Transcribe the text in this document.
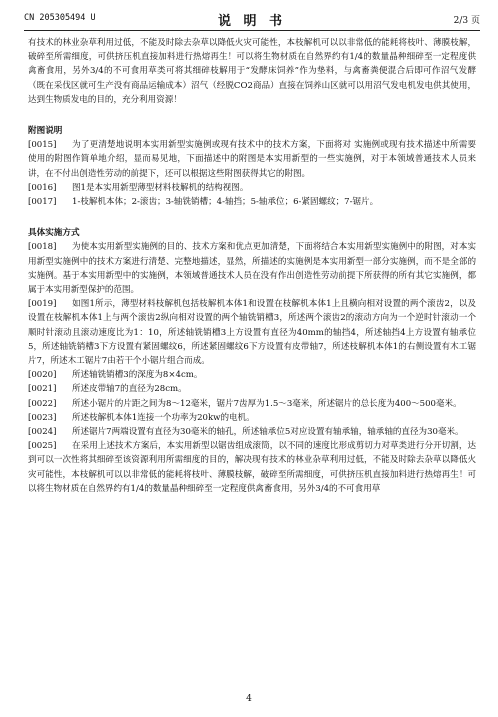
CN 205305494 U	说 明 书	2/3 页

有技术的林业杂草利用过低，不能及时除去杂草以降低火灾可能性，本枝解机可以以非常低的能耗将枝叶、薄膜枝解，破碎至所需细度，可供挤压机直接加料进行热熔再生！可以将生物材质在自然界约有1/4的数量晶种细碎至一定程度供禽畜食用，另外3/4的不可食用草类可将其细碎枝解用于“发酵床饲养”作为垫料，与禽畜粪便混合后即可作沼气发酵（既在采伐区就可生产没有商品运输成本）沼气（经脱CO2商品）直接在饲养山区就可以用沼气发电机发电供其使用，达到生物质发电的目的，充分利用资源！

附图说明

[0015] 为了更清楚地说明本实用新型实施例或现有技术中的技术方案，下面将对 实施例或现有技术描述中所需要使用的附图作简单地介绍，显而易见地，下面描述中的附图是本实用新型的一些实施例，对于本领域普通技术人员来讲，在不付出创造性劳动的前提下，还可以根据这些附图获得其它的附图。

[0016] 图1是本实用新型薄型材料枝解机的结构视图。

[0017] 1-枝解机本体；2-滚齿；3-轴铣销槽；4-轴挡；5-轴承位；6-紧固螺纹；7-锯片。

具体实施方式

[0018] 为使本实用新型实施例的目的、技术方案和优点更加清楚，下面将结合本实用新型实施例中的附图，对本实用新型实施例中的技术方案进行清楚、完整地描述，显然，所描述的实施例是本实用新型一部分实施例，而不是全部的实施例。基于本实用新型中的实施例，本领域普通技术人员在没有作出创造性劳动前提下所获得的所有其它实施例，都属于本实用新型保护的范围。

[0019] 如图1所示，薄型材料枝解机包括枝解机本体1和设置在枝解机本体1上且横向相对设置的两个滚齿2，以及设置在枝解机本体1上与两个滚齿2纵向相对设置的两个轴铣销槽3，所述两个滚齿2的滚动方向为一个逆时针滚动一个顺时针滚动且滚动速度比为1：10，所述轴铣销槽3上方设置有直径为40mm的轴挡4，所述轴挡4上方设置有轴承位5，所述轴铣销槽3下方设置有紧固螺纹6，所述紧固螺纹6下方设置有皮带轴7，所述枝解机本体1的右侧设置有木工锯片7，所述木工锯片7由若干个小锯片组合而成。

[0020] 所述轴铣销槽3的深度为8×4cm。

[0021] 所述皮带轴7的直径为28cm。

[0022] 所述小锯片的片距之间为8～12毫米，锯片7齿厚为1.5～3毫米，所述锯片的总长度为400～500毫米。

[0023] 所述枝解机本体1连接一个功率为20kw的电机。

[0024] 所述锯片7两端设置有直径为30毫米的轴孔，所述轴承位5对应设置有轴承轴，轴承轴的直径为30毫米。

[0025] 在采用上述技术方案后，本实用新型以锯齿组成滚筒，以不同的速度比形成剪切力对草类进行分开切割，达到可以一次性将其细碎至该资源利用所需细度的目的，解决现有技术的林业杂草利用过低，不能及时除去杂草以降低火灾可能性，本枝解机可以以非常低的能耗将枝叶、薄膜枝解，破碎至所需细度，可供挤压机直接加料进行热熔再生！可以将生物材质在自然界约有1/4的数量晶种细碎至一定程度供禽畜食用，另外3/4的不可食用草

4
